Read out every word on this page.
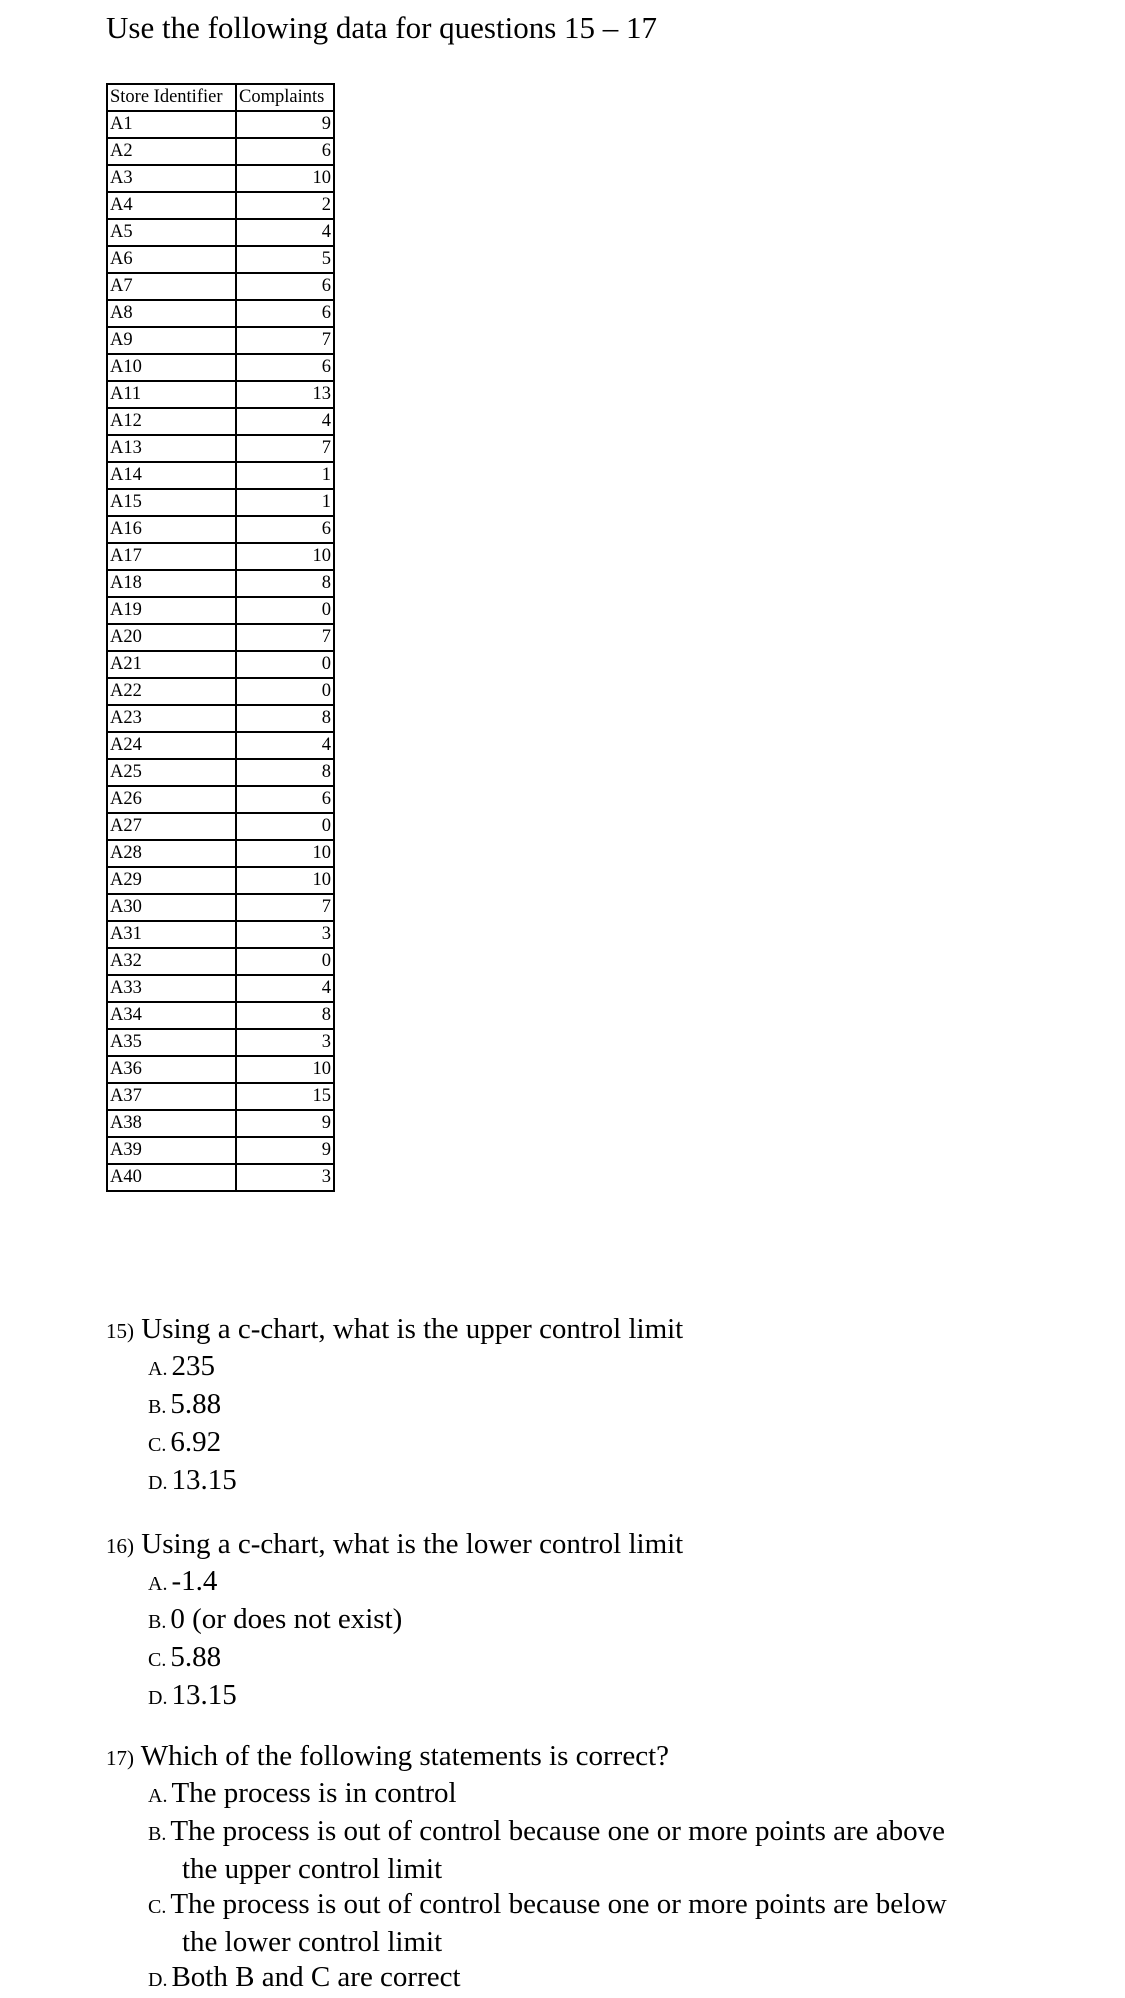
Use the following data for questions 15 – 17
Store Identifier	Complaints
A1	9
A2	6
A3	10
A4	2
A5	4
A6	5
A7	6
A8	6
A9	7
A10	6
A11	13
A12	4
A13	7
A14	1
A15	1
A16	6
A17	10
A18	8
A19	0
A20	7
A21	0
A22	0
A23	8
A24	4
A25	8
A26	6
A27	0
A28	10
A29	10
A30	7
A31	3
A32	0
A33	4
A34	8
A35	3
A36	10
A37	15
A38	9
A39	9
A40	3
15) Using a c-chart, what is the upper control limit
A. 235
B. 5.88
C. 6.92
D. 13.15
16) Using a c-chart, what is the lower control limit
A. -1.4
B. 0 (or does not exist)
C. 5.88
D. 13.15
17) Which of the following statements is correct?
A. The process is in control
B. The process is out of control because one or more points are above
the upper control limit
C. The process is out of control because one or more points are below
the lower control limit
D. Both B and C are correct
